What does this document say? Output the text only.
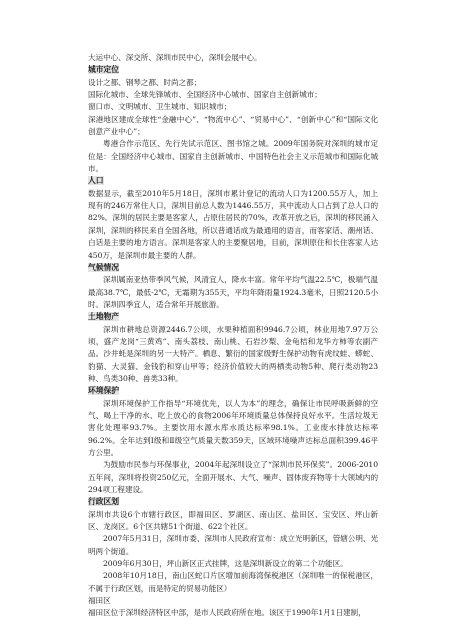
大运中心、深交所、深圳市民中心，深圳会展中心。

城市定位

设计之都、钢琴之都、时尚之都；

国际化城市、全球先锋城市、全国经济中心城市、国家自主创新城市；

窗口市、文明城市、卫生城市、知识城市；

深港地区建成全球性“金融中心”、“物流中心”、“贸易中心”、“创新中心”和“国际文化创意产业中心”；

粤港合作示范区、先行先试示范区、图书馆之城。2009年国务院对深圳的城市定位是：全国经济中心城市、国家自主创新城市、中国特色社会主义示范城市和国际化城市。

人口

数据显示，截至2010年5月18日，深圳市累计登记的流动人口为1200.55万人，加上现有的246万常住人口，深圳目前总人数为1446.55万，其中流动人口占到了总人口的82%。深圳的居民主要是客家人，占原住居民的70%，改革开放之后，深圳的移民涌入深圳，深圳的移民来自全国各地，所以普通话成为最通用的语言，而客家话、潮州话、白话是主要的地方语言。深圳是客家人的主要聚居地，目前，深圳原住和长住客家人达450万，是深圳市最主要的人群。

气候情况

深圳属南亚热带季风气候，风清宜人，降水丰富。常年平均气温22.5℃，极端气温最高38.7℃，最低-2℃，无霜期为355天，平均年降雨量1924.3毫米，日照2120.5小时。深圳四季宜人，适合常年开展旅游。

土地物产

深圳市耕地总资源2446.7公顷，水果种植面积9946.7公顷，林业用地7.97万公顷，盛产龙岗“三黄鸡”、南头荔枝、南山桃、石岩沙梨、金龟桔和龙华方柿等农副产品。沙井蚝是深圳的另一大特产。栖息、繁衍的国家级野生保护动物有虎纹蛙、蟒蛇、豹猫、大灵猫、金钱豹和穿山甲等；经济价值较大的两栖类动物5种、爬行类动物23种、鸟类30种、兽类33种。

环境保护

深圳环境保护工作指导“环境优先，以人为本”的理念，确保让市民呼吸新鲜的空气、喝上干净的水、吃上放心的食物2006年环境质量总体保持良好水平。生活垃圾无害化处理率93.7%。主要饮用水源水库水质达标率98.1%。工业废水排放达标率96.2%。全年达到Ⅰ级和Ⅱ级空气质量天数359天，区域环境噪声达标总面积399.46平方公里。

为鼓励市民参与环保事业，2004年起深圳设立了“深圳市民环保奖”。2006-2010五年间，深圳将投资250亿元，全面开展水、大气、噪声、固体废弃物等十大领域内的294项工程建设。

行政区划

深圳市共设6个市辖行政区，即福田区、罗湖区、南山区、盐田区、宝安区、坪山新区、龙岗区。6个区共辖51个街道、622个社区。

2007年5月31日，深圳市委、深圳市人民政府宣布：成立光明新区，管辖公明、光明两个街道。

2009年6月30日，坪山新区正式挂牌，这是深圳新设立的第二个功能区。

2008年10月18日，南山区蛇口片区增加前海湾保税港区（深圳唯一的保税港区，不属于行政区划，而是特定的贸易功能区）

福田区

福田区位于深圳经济特区中部，是市人民政府所在地。该区于1990年1月1日建制，
